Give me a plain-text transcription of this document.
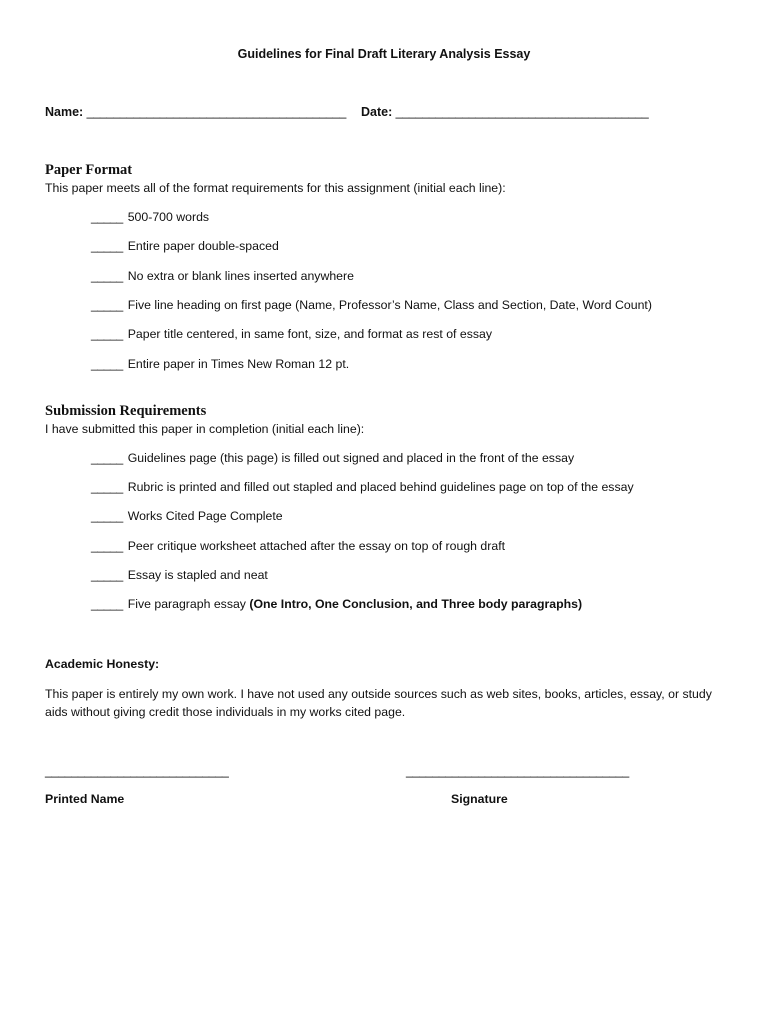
Guidelines for Final Draft Literary Analysis Essay
Name: _______________________________________ Date: ______________________________________
Paper Format
This paper meets all of the format requirements for this assignment (initial each line):
_____ 500-700 words
_____ Entire paper double-spaced
_____ No extra or blank lines inserted anywhere
_____ Five line heading on first page (Name, Professor’s Name, Class and Section, Date, Word Count)
_____ Paper title centered, in same font, size, and format as rest of essay
_____ Entire paper in Times New Roman 12 pt.
Submission Requirements
I have submitted this paper in completion (initial each line):
_____ Guidelines page (this page) is filled out signed and placed in the front of the essay
_____ Rubric is printed and filled out stapled and placed behind guidelines page on top of the essay
_____ Works Cited Page Complete
_____ Peer critique worksheet attached after the essay on top of rough draft
_____ Essay is stapled and neat
_____ Five paragraph essay (One Intro, One Conclusion, and Three body paragraphs)
Academic Honesty:
This paper is entirely my own work. I have not used any outside sources such as web sites, books, articles, essay, or study aids without giving credit those individuals in my works cited page.
____________________________	__________________________________
Printed Name	Signature
